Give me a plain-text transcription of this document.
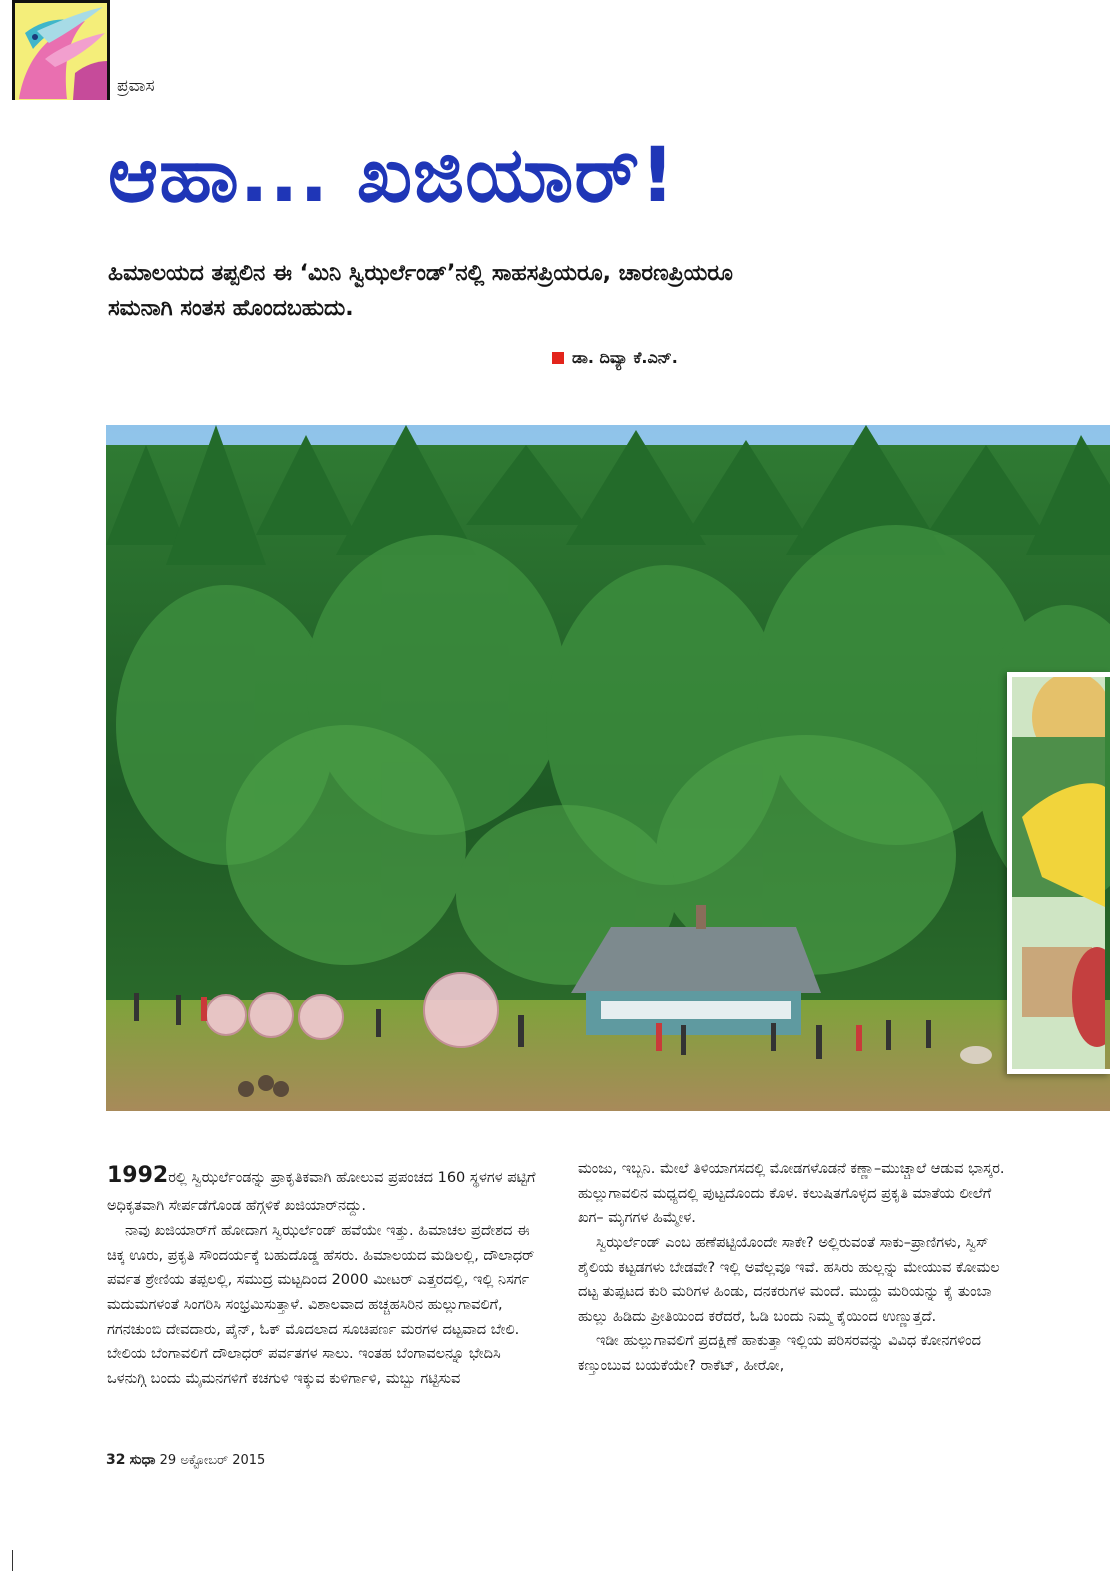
ಪ್ರವಾಸ
ಆಹಾ... ಖಜಿಯಾರ್!

ಹಿಮಾಲಯದ ತಪ್ಪಲಿನ ಈ ‘ಮಿನಿ ಸ್ವಿಝರ್ಲೆಂಡ್’ನಲ್ಲಿ ಸಾಹಸಪ್ರಿಯರೂ, ಚಾರಣಪ್ರಿಯರೂ ಸಮನಾಗಿ ಸಂತಸ ಹೊಂದಬಹುದು.

ಡಾ. ದಿವ್ಯಾ ಕೆ.ಎನ್.

1992ರಲ್ಲಿ ಸ್ವಿಝರ್ಲೆಂಡನ್ನು ಪ್ರಾಕೃತಿಕವಾಗಿ ಹೋಲುವ ಪ್ರಪಂಚದ 160 ಸ್ಥಳಗಳ ಪಟ್ಟಿಗೆ ಅಧಿಕೃತವಾಗಿ ಸೇರ್ಪಡೆಗೊಂಡ ಹೆಗ್ಗಳಿಕೆ ಖಜಿಯಾರ್‌ನದ್ದು.

ನಾವು ಖಜಿಯಾರ್‌ಗೆ ಹೋದಾಗ ಸ್ವಿಝರ್ಲೆಂಡ್ ಹವೆಯೇ ಇತ್ತು. ಹಿಮಾಚಲ ಪ್ರದೇಶದ ಈ ಚಿಕ್ಕ ಊರು, ಪ್ರಕೃತಿ ಸೌಂದರ್ಯಕ್ಕೆ ಬಹುದೊಡ್ಡ ಹೆಸರು. ಹಿಮಾಲಯದ ಮಡಿಲಲ್ಲಿ, ದೌಲಾಧರ್ ಪರ್ವತ ಶ್ರೇಣಿಯ ತಪ್ಪಲಲ್ಲಿ, ಸಮುದ್ರ ಮಟ್ಟದಿಂದ 2000 ಮೀಟರ್ ಎತ್ತರದಲ್ಲಿ, ಇಲ್ಲಿ ನಿಸರ್ಗ ಮದುಮಗಳಂತೆ ಸಿಂಗರಿಸಿ ಸಂಭ್ರಮಿಸುತ್ತಾಳೆ. ವಿಶಾಲವಾದ ಹಚ್ಚಹಸಿರಿನ ಹುಲ್ಲುಗಾವಲಿಗೆ, ಗಗನಚುಂಬಿ ದೇವದಾರು, ಪೈನ್, ಓಕ್ ಮೊದಲಾದ ಸೂಚಿಪರ್ಣ ಮರಗಳ ದಟ್ಟವಾದ ಬೇಲಿ. ಬೇಲಿಯ ಬೆಂಗಾವಲಿಗೆ ದೌಲಾಧರ್ ಪರ್ವತಗಳ ಸಾಲು. ಇಂತಹ ಬೆಂಗಾವಲನ್ನೂ ಭೇದಿಸಿ ಒಳನುಗ್ಗಿ ಬಂದು ಮೈಮನಗಳಿಗೆ ಕಚಗುಳಿ ಇಕ್ಕುವ ಕುಳಿರ್ಗಾಳಿ, ಮಬ್ಬು ಗಟ್ಟಿಸುವ

ಮಂಜು, ಇಬ್ಬನಿ. ಮೇಲೆ ತಿಳಿಯಾಗಸದಲ್ಲಿ ಮೋಡಗಳೊಡನೆ ಕಣ್ಣಾ–ಮುಚ್ಚಾಲೆ ಆಡುವ ಭಾಸ್ಕರ. ಹುಲ್ಲುಗಾವಲಿನ ಮಧ್ಯದಲ್ಲಿ ಪುಟ್ಟದೊಂದು ಕೊಳ. ಕಲುಷಿತಗೊಳ್ಳದ ಪ್ರಕೃತಿ ಮಾತೆಯ ಲೀಲೆಗೆ ಖಗ– ಮೃಗಗಳ ಹಿಮ್ಮೇಳ.

ಸ್ವಿಝರ್ಲೆಂಡ್ ಎಂಬ ಹಣೆಪಟ್ಟಿಯೊಂದೇ ಸಾಕೇ? ಅಲ್ಲಿರುವಂತೆ ಸಾಕು–ಪ್ರಾಣಿಗಳು, ಸ್ವಿಸ್ ಶೈಲಿಯ ಕಟ್ಟಡಗಳು ಬೇಡವೇ? ಇಲ್ಲಿ ಅವೆಲ್ಲವೂ ಇವೆ. ಹಸಿರು ಹುಲ್ಲನ್ನು ಮೇಯುವ ಕೋಮಲ ದಟ್ಟ ತುಪ್ಪಟದ ಕುರಿ ಮರಿಗಳ ಹಿಂಡು, ದನಕರುಗಳ ಮಂದೆ. ಮುದ್ದು ಮರಿಯನ್ನು ಕೈ ತುಂಬಾ ಹುಲ್ಲು ಹಿಡಿದು ಪ್ರೀತಿಯಿಂದ ಕರೆದರೆ, ಓಡಿ ಬಂದು ನಿಮ್ಮ ಕೈಯಿಂದ ಉಣ್ಣುತ್ತದೆ.

ಇಡೀ ಹುಲ್ಲುಗಾವಲಿಗೆ ಪ್ರದಕ್ಷಿಣೆ ಹಾಕುತ್ತಾ ಇಲ್ಲಿಯ ಪರಿಸರವನ್ನು ವಿವಿಧ ಕೋನಗಳಿಂದ ಕಣ್ತುಂಬುವ ಬಯಕೆಯೇ? ರಾಕೆಟ್, ಹೀರೋ,

32 ಸುಧಾ 29 ಅಕ್ಟೋಬರ್ 2015
